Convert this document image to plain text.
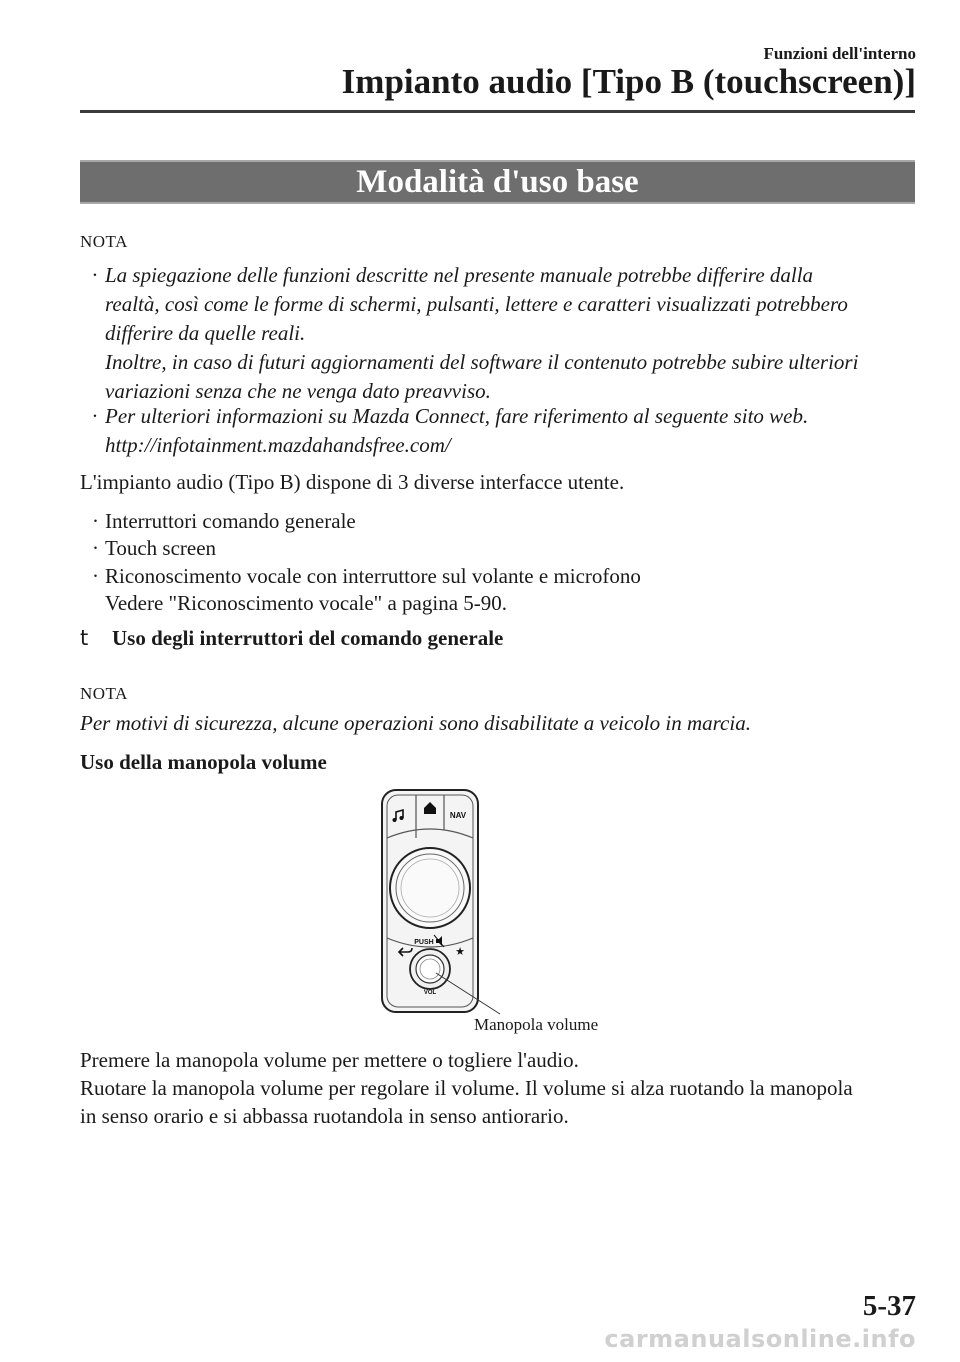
Funzioni dell'interno
Impianto audio [Tipo B (touchscreen)]
Modalità d'uso base
NOTA
· La spiegazione delle funzioni descritte nel presente manuale potrebbe differire dalla
realtà, così come le forme di schermi, pulsanti, lettere e caratteri visualizzati potrebbero
differire da quelle reali.
Inoltre, in caso di futuri aggiornamenti del software il contenuto potrebbe subire ulteriori
variazioni senza che ne venga dato preavviso.
· Per ulteriori informazioni su Mazda Connect, fare riferimento al seguente sito web.
http://infotainment.mazdahandsfree.com/
L'impianto audio (Tipo B) dispone di 3 diverse interfacce utente.
· Interruttori comando generale
· Touch screen
· Riconoscimento vocale con interruttore sul volante e microfono
Vedere "Riconoscimento vocale" a pagina 5-90.
t Uso degli interruttori del comando generale
NOTA
Per motivi di sicurezza, alcune operazioni sono disabilitate a veicolo in marcia.
Uso della manopola volume
NAV
★
PUSH
VOL
Manopola volume
Premere la manopola volume per mettere o togliere l'audio.
Ruotare la manopola volume per regolare il volume. Il volume si alza ruotando la manopola
in senso orario e si abbassa ruotandola in senso antiorario.
5-37
carmanualsonline.info
